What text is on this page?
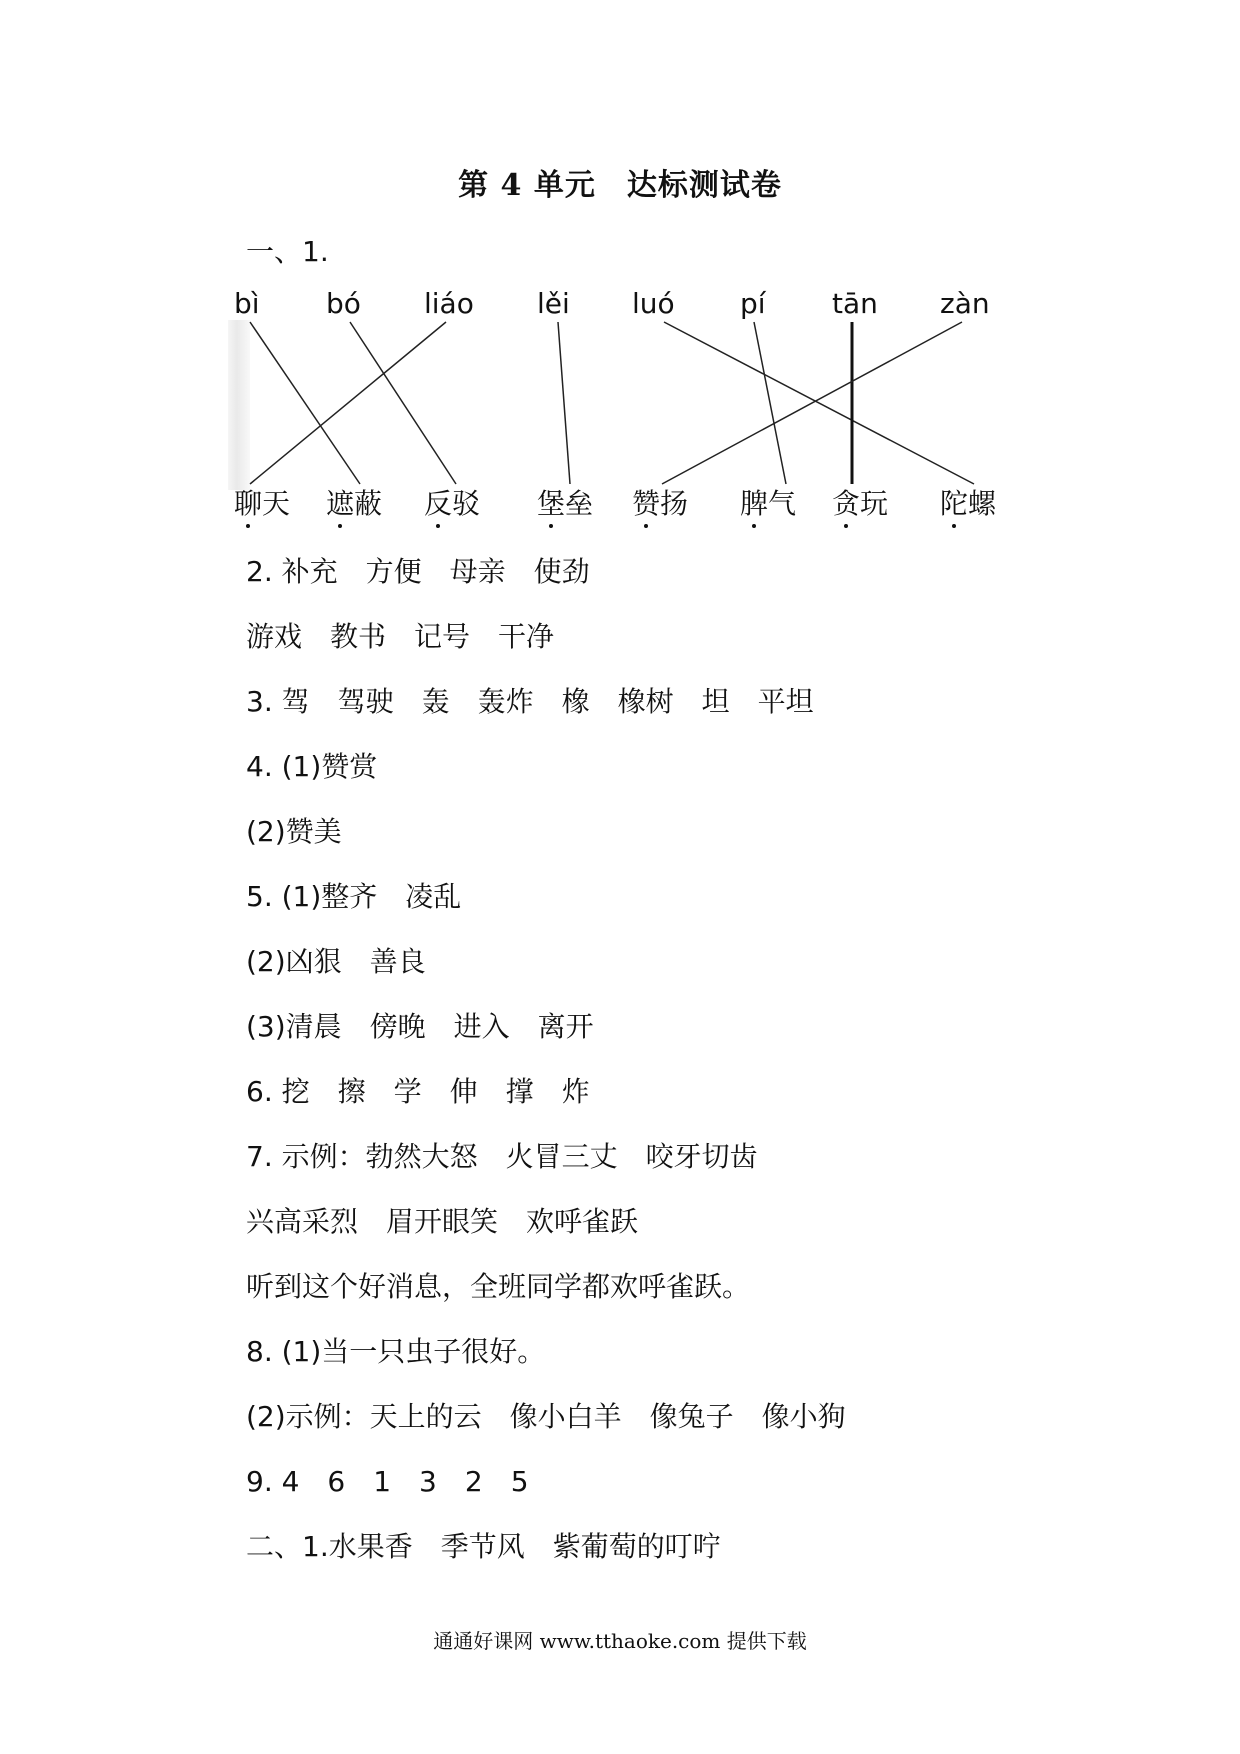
第 4 单元　达标测试卷
一、1.
bì bó liáo lěi luó pí tān zàn
聊天 遮蔽 反驳 堡垒 赞扬 脾气 贪玩 陀螺
2. 补充　方便　母亲　使劲
游戏　教书　记号　干净
3. 驾　驾驶　轰　轰炸　橡　橡树　坦　平坦
4. (1)赞赏
(2)赞美
5. (1)整齐　凌乱
(2)凶狠　善良
(3)清晨　傍晚　进入　离开
6. 挖　擦　学　伸　撑　炸
7. 示例：勃然大怒　火冒三丈　咬牙切齿
兴高采烈　眉开眼笑　欢呼雀跃
听到这个好消息，全班同学都欢呼雀跃。
8. (1)当一只虫子很好。
(2)示例：天上的云　像小白羊　像兔子　像小狗
9. 4　6　1　3　2　5
二、1.水果香　季节风　紫葡萄的叮咛
通通好课网 www.tthaoke.com 提供下载
